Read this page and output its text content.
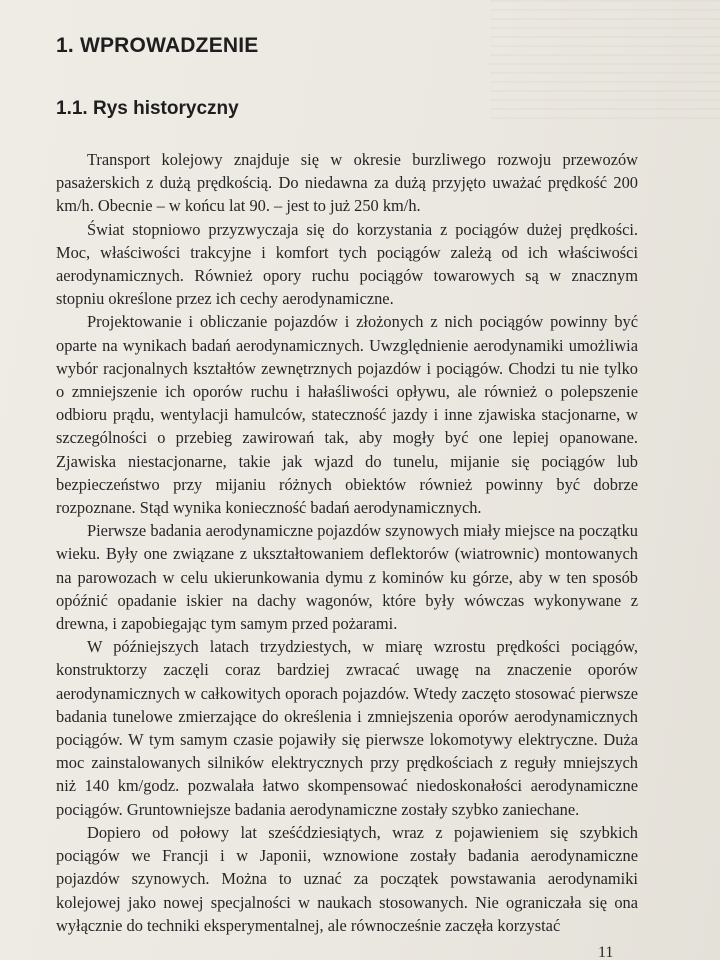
1. WPROWADZENIE
1.1. Rys historyczny

Transport kolejowy znajduje się w okresie burzliwego rozwoju przewozów pasażerskich z dużą prędkością. Do niedawna za dużą przyjęto uważać prędkość 200 km/h. Obecnie – w końcu lat 90. – jest to już 250 km/h.

Świat stopniowo przyzwyczaja się do korzystania z pociągów dużej prędkości. Moc, właściwości trakcyjne i komfort tych pociągów zależą od ich właściwości aerodynamicznych. Również opory ruchu pociągów towarowych są w znacznym stopniu określone przez ich cechy aerodynamiczne.

Projektowanie i obliczanie pojazdów i złożonych z nich pociągów powinny być oparte na wynikach badań aerodynamicznych. Uwzględnienie aerodynamiki umożliwia wybór racjonalnych kształtów zewnętrznych pojazdów i pociągów. Chodzi tu nie tylko o zmniejszenie ich oporów ruchu i hałaśliwości opływu, ale również o polepszenie odbioru prądu, wentylacji hamulców, stateczność jazdy i inne zjawiska stacjonarne, w szczególności o przebieg zawirowań tak, aby mogły być one lepiej opanowane. Zjawiska niestacjonarne, takie jak wjazd do tunelu, mijanie się pociągów lub bezpieczeństwo przy mijaniu różnych obiektów również powinny być dobrze rozpoznane. Stąd wynika konieczność badań aerodynamicznych.

Pierwsze badania aerodynamiczne pojazdów szynowych miały miejsce na początku wieku. Były one związane z ukształtowaniem deflektorów (wiatrownic) montowanych na parowozach w celu ukierunkowania dymu z kominów ku górze, aby w ten sposób opóźnić opadanie iskier na dachy wagonów, które były wówczas wykonywane z drewna, i zapobiegając tym samym przed pożarami.

W późniejszych latach trzydziestych, w miarę wzrostu prędkości pociągów, konstruktorzy zaczęli coraz bardziej zwracać uwagę na znaczenie oporów aerodynamicznych w całkowitych oporach pojazdów. Wtedy zaczęto stosować pierwsze badania tunelowe zmierzające do określenia i zmniejszenia oporów aerodynamicznych pociągów. W tym samym czasie pojawiły się pierwsze lokomotywy elektryczne. Duża moc zainstalowanych silników elektrycznych przy prędkościach z reguły mniejszych niż 140 km/godz. pozwalała łatwo skompensować niedoskonałości aerodynamiczne pociągów. Gruntowniejsze badania aerodynamiczne zostały szybko zaniechane.

Dopiero od połowy lat sześćdziesiątych, wraz z pojawieniem się szybkich pociągów we Francji i w Japonii, wznowione zostały badania aerodynamiczne pojazdów szynowych. Można to uznać za początek powstawania aerodynamiki kolejowej jako nowej specjalności w naukach stosowanych. Nie ograniczała się ona wyłącznie do techniki eksperymentalnej, ale równocześnie zaczęła korzystać

11
